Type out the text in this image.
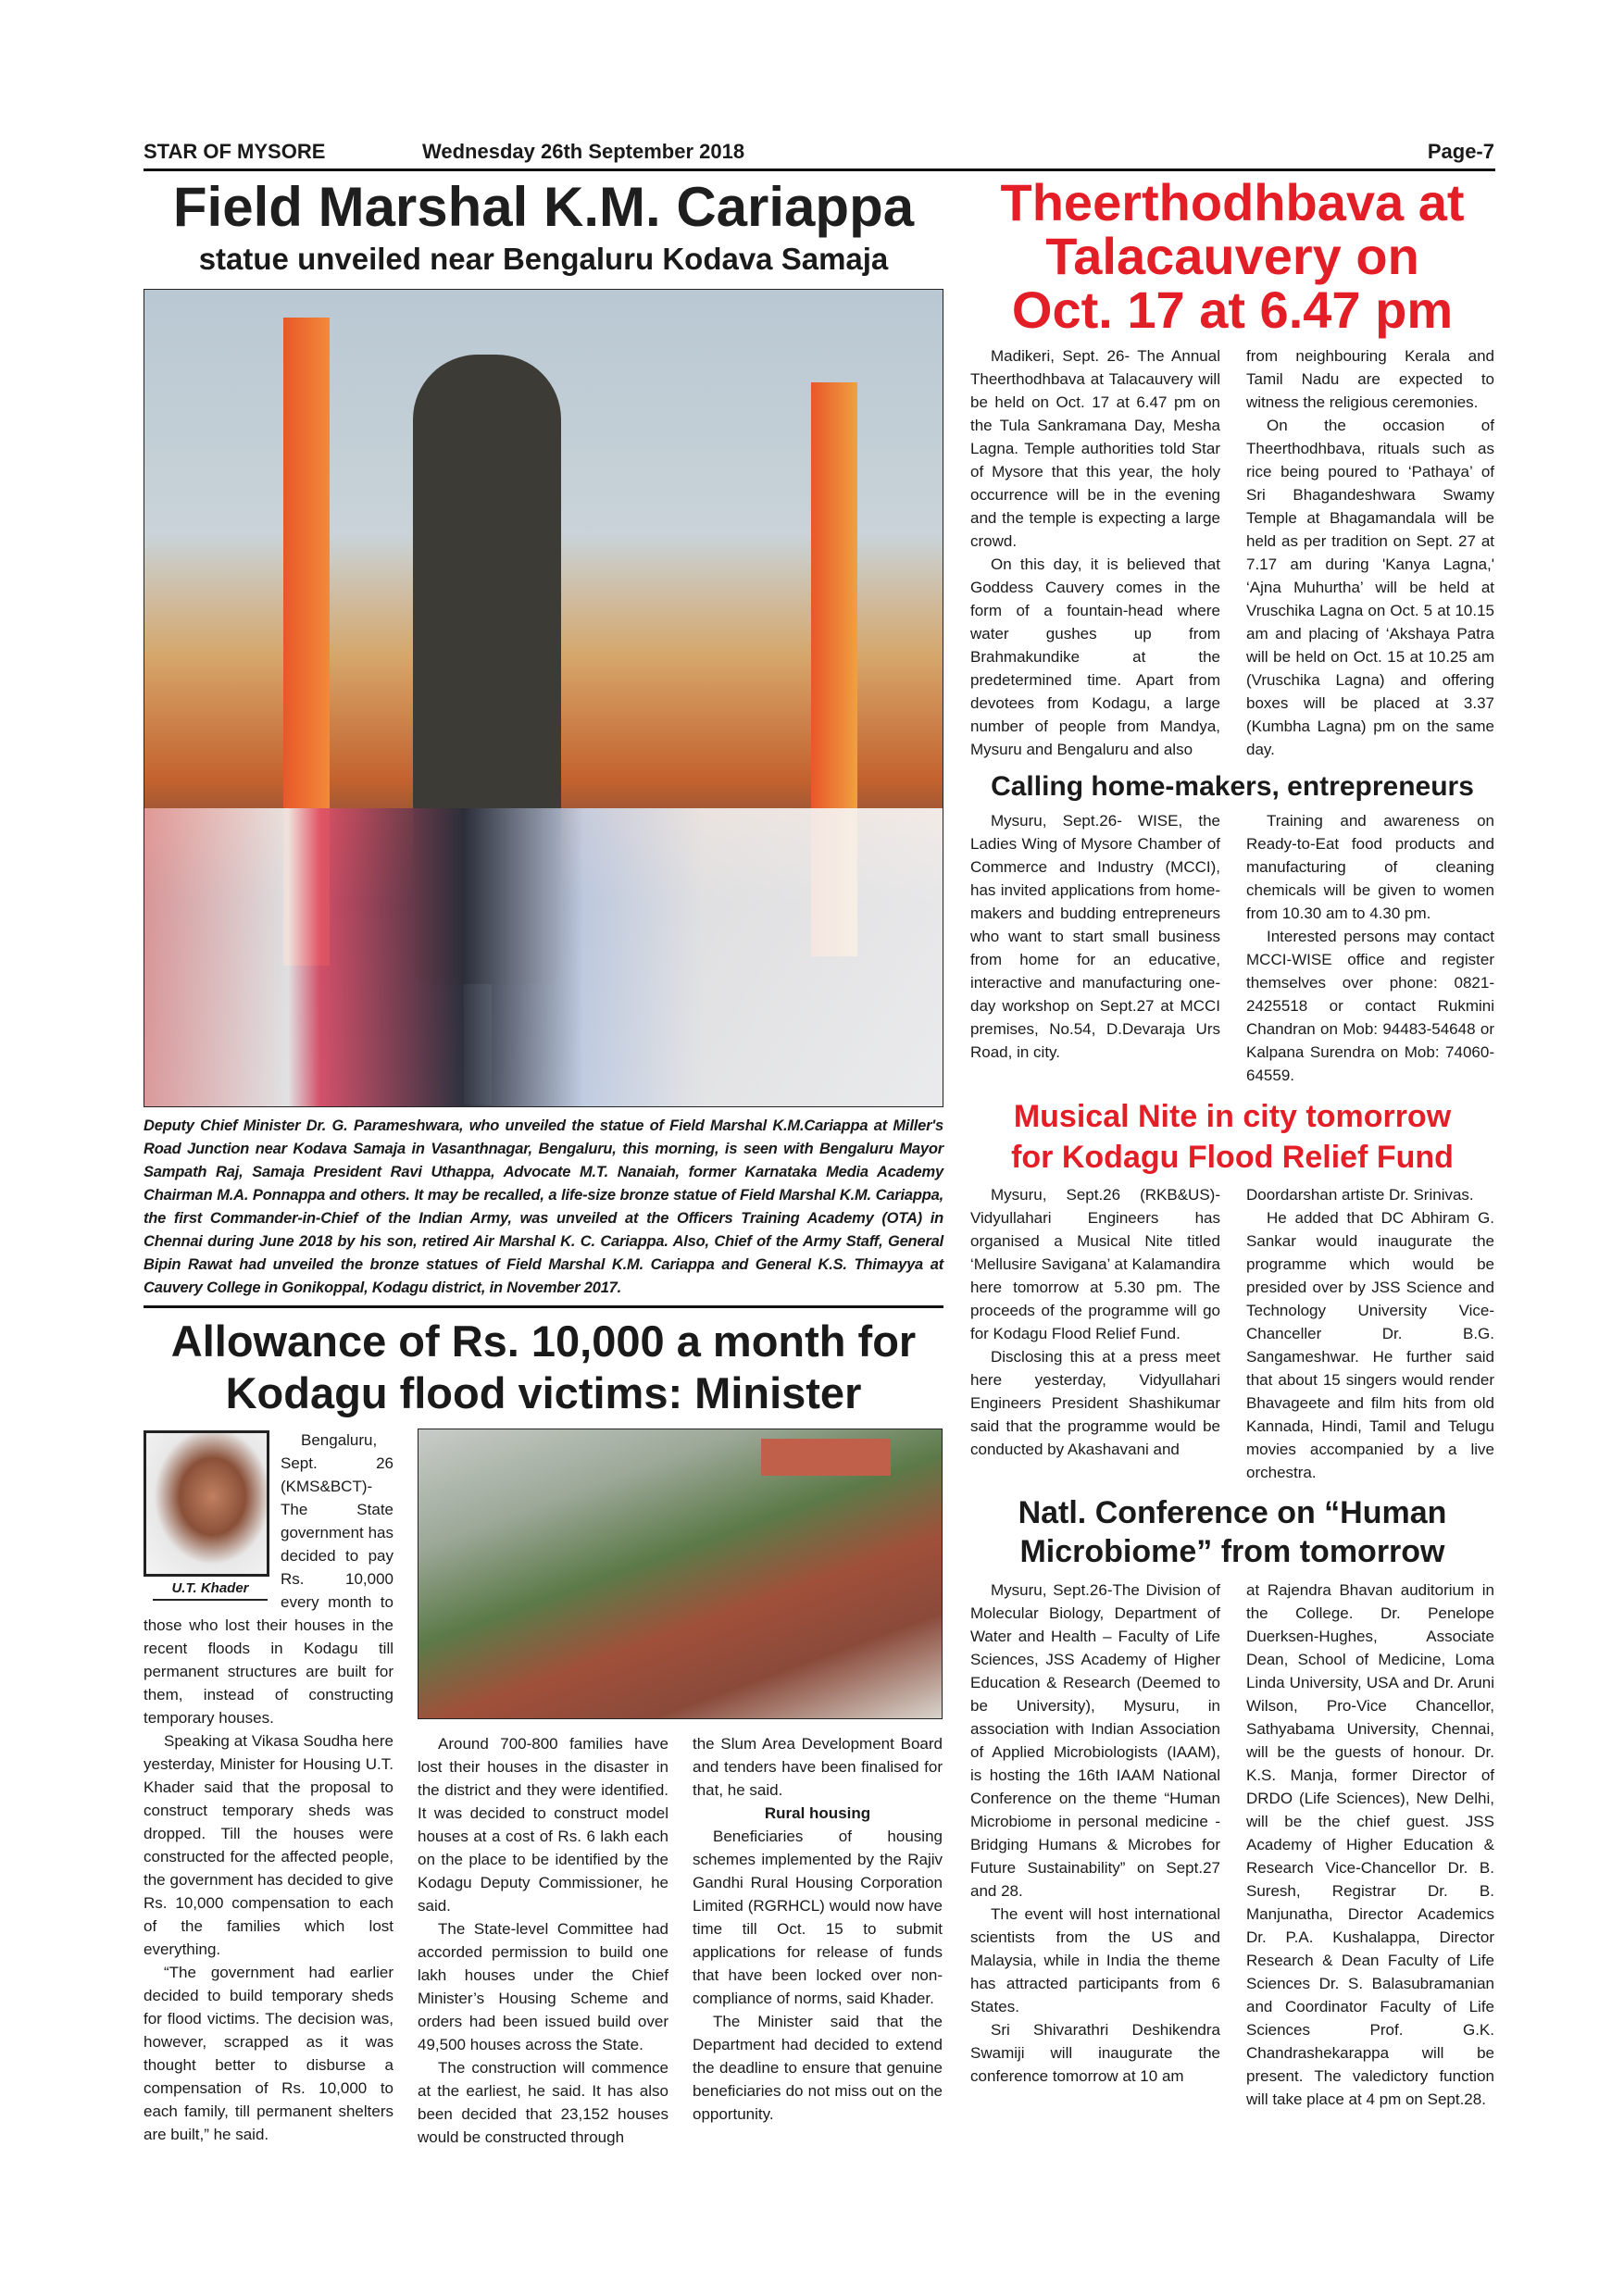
STAR OF MYSORE	Wednesday 26th September 2018	Page-7
Field Marshal K.M. Cariappa
statue unveiled near Bengaluru Kodava Samaja
Deputy Chief Minister Dr. G. Parameshwara, who unveiled the statue of Field Marshal K.M.Cariappa at Miller's Road Junction near Kodava Samaja in Vasanthnagar, Bengaluru, this morning, is seen with Bengaluru Mayor Sampath Raj, Samaja President Ravi Uthappa, Advocate M.T. Nanaiah, former Karnataka Media Academy Chairman M.A. Ponnappa and others. It may be recalled, a life-size bronze statue of Field Marshal K.M. Cariappa, the first Commander-in-Chief of the Indian Army, was unveiled at the Officers Training Academy (OTA) in Chennai during June 2018 by his son, retired Air Marshal K. C. Cariappa. Also, Chief of the Army Staff, General Bipin Rawat had unveiled the bronze statues of Field Marshal K.M. Cariappa and General K.S. Thimayya at Cauvery College in Gonikoppal, Kodagu district, in November 2017.
Allowance of Rs. 10,000 a month for
Kodagu flood victims: Minister
U.T. Khader

Bengaluru, Sept. 26 (KMS&BCT)- The State government has decided to pay Rs. 10,000 every month to those who lost their houses in the recent floods in Kodagu till permanent structures are built for them, instead of constructing temporary houses.

Speaking at Vikasa Soudha here yesterday, Minister for Housing U.T. Khader said that the proposal to construct temporary sheds was dropped. Till the houses were constructed for the affected people, the government has decided to give Rs. 10,000 compensation to each of the families which lost everything.

“The government had earlier decided to build temporary sheds for flood victims. The decision was, however, scrapped as it was thought better to disburse a compensation of Rs. 10,000 to each family, till permanent shelters are built,” he said.

Around 700-800 families have lost their houses in the disaster in the district and they were identified. It was decided to construct model houses at a cost of Rs. 6 lakh each on the place to be identified by the Kodagu Deputy Commissioner, he said.

The State-level Committee had accorded permission to build one lakh houses under the Chief Minister’s Housing Scheme and orders had been issued build over 49,500 houses across the State.

The construction will commence at the earliest, he said. It has also been decided that 23,152 houses would be constructed through

the Slum Area Development Board and tenders have been finalised for that, he said.

Rural housing

Beneficiaries of housing schemes implemented by the Rajiv Gandhi Rural Housing Corporation Limited (RGRHCL) would now have time till Oct. 15 to submit applications for release of funds that have been locked over non-compliance of norms, said Khader.

The Minister said that the Department had decided to extend the deadline to ensure that genuine beneficiaries do not miss out on the opportunity.

Theerthodhbava at
Talacauvery on
Oct. 17 at 6.47 pm

Madikeri, Sept. 26- The Annual Theerthodhbava at Talacauvery will be held on Oct. 17 at 6.47 pm on the Tula Sankramana Day, Mesha Lagna. Temple authorities told Star of Mysore that this year, the holy occurrence will be in the evening and the temple is expecting a large crowd.

On this day, it is believed that Goddess Cauvery comes in the form of a fountain-head where water gushes up from Brahmakundike at the predetermined time. Apart from devotees from Kodagu, a large number of people from Mandya, Mysuru and Bengaluru and also

from neighbouring Kerala and Tamil Nadu are expected to witness the religious ceremonies.

On the occasion of Theerthodhbava, rituals such as rice being poured to ‘Pathaya’ of Sri Bhagandeshwara Swamy Temple at Bhagamandala will be held as per tradition on Sept. 27 at 7.17 am during 'Kanya Lagna,' ‘Ajna Muhurtha’ will be held at Vruschika Lagna on Oct. 5 at 10.15 am and placing of ‘Akshaya Patra will be held on Oct. 15 at 10.25 am (Vruschika Lagna) and offering boxes will be placed at 3.37 (Kumbha Lagna) pm on the same day.

Calling home-makers, entrepreneurs

Mysuru, Sept.26- WISE, the Ladies Wing of Mysore Chamber of Commerce and Industry (MCCI), has invited applications from home-makers and budding entrepreneurs who want to start small business from home for an educative, interactive and manufacturing one-day workshop on Sept.27 at MCCI premises, No.54, D.Devaraja Urs Road, in city.

Training and awareness on Ready-to-Eat food products and manufacturing of cleaning chemicals will be given to women from 10.30 am to 4.30 pm.

Interested persons may contact MCCI-WISE office and register themselves over phone: 0821-2425518 or contact Rukmini Chandran on Mob: 94483-54648 or Kalpana Surendra on Mob: 74060-64559.

Musical Nite in city tomorrow
for Kodagu Flood Relief Fund

Mysuru, Sept.26 (RKB&US)- Vidyullahari Engineers has organised a Musical Nite titled ‘Mellusire Savigana’ at Kalamandira here tomorrow at 5.30 pm. The proceeds of the programme will go for Kodagu Flood Relief Fund.

Disclosing this at a press meet here yesterday, Vidyullahari Engineers President Shashikumar said that the programme would be conducted by Akashavani and

Doordarshan artiste Dr. Srinivas.

He added that DC Abhiram G. Sankar would inaugurate the programme which would be presided over by JSS Science and Technology University Vice-Chanceller Dr. B.G. Sangameshwar. He further said that about 15 singers would render Bhavageete and film hits from old Kannada, Hindi, Tamil and Telugu movies accompanied by a live orchestra.

Natl. Conference on “Human
Microbiome” from tomorrow

Mysuru, Sept.26-The Division of Molecular Biology, Department of Water and Health – Faculty of Life Sciences, JSS Academy of Higher Education & Research (Deemed to be University), Mysuru, in association with Indian Association of Applied Microbiologists (IAAM), is hosting the 16th IAAM National Conference on the theme “Human Microbiome in personal medicine - Bridging Humans & Microbes for Future Sustainability” on Sept.27 and 28.

The event will host international scientists from the US and Malaysia, while in India the theme has attracted participants from 6 States.

Sri Shivarathri Deshikendra Swamiji will inaugurate the conference tomorrow at 10 am

at Rajendra Bhavan auditorium in the College. Dr. Penelope Duerksen-Hughes, Associate Dean, School of Medicine, Loma Linda University, USA and Dr. Aruni Wilson, Pro-Vice Chancellor, Sathyabama University, Chennai, will be the guests of honour. Dr. K.S. Manja, former Director of DRDO (Life Sciences), New Delhi, will be the chief guest. JSS Academy of Higher Education & Research Vice-Chancellor Dr. B. Suresh, Registrar Dr. B. Manjunatha, Director Academics Dr. P.A. Kushalappa, Director Research & Dean Faculty of Life Sciences Dr. S. Balasubramanian and Coordinator Faculty of Life Sciences Prof. G.K. Chandrashekarappa will be present. The valedictory function will take place at 4 pm on Sept.28.
